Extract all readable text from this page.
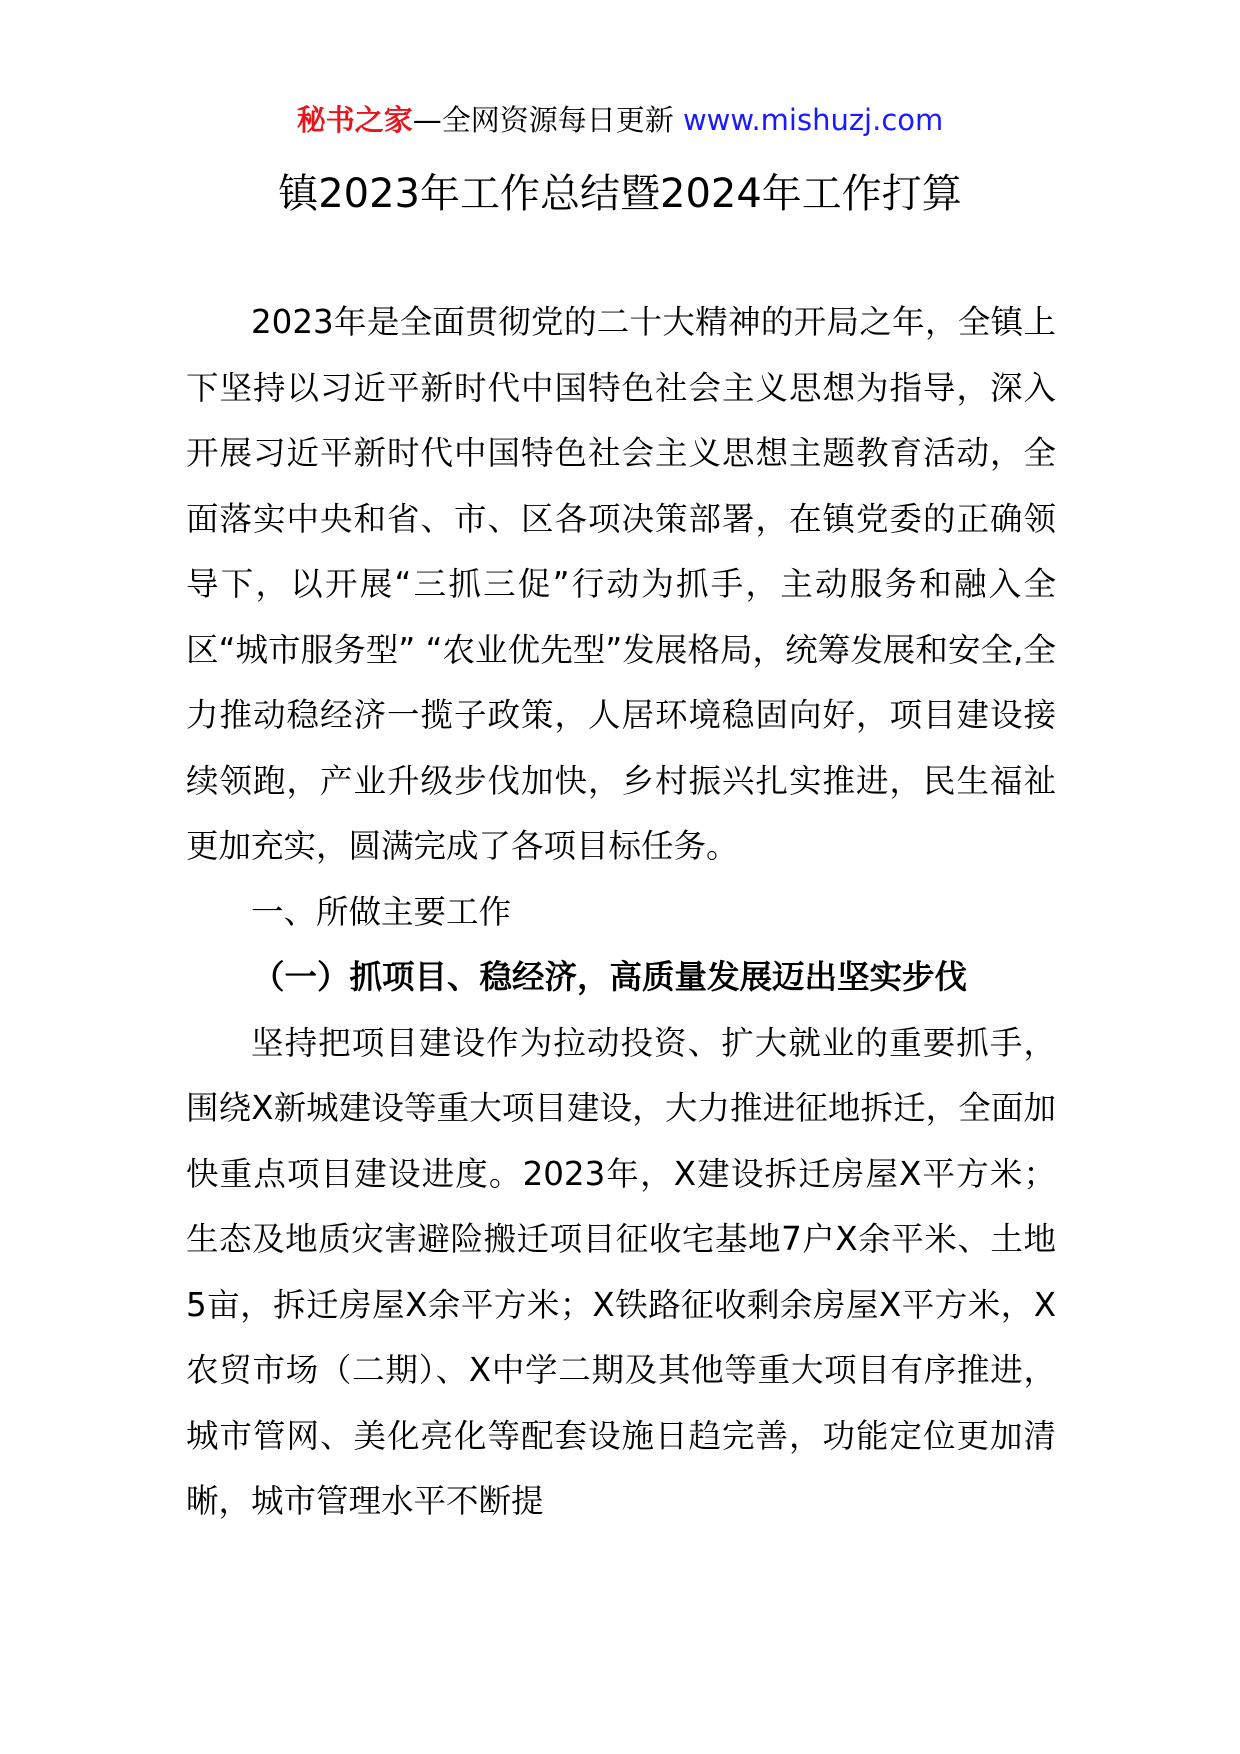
秘书之家—全网资源每日更新 www.mishuzj.com
镇2023年工作总结暨2024年工作打算

2023年是全面贯彻党的二十大精神的开局之年，全镇上下坚持以习近平新时代中国特色社会主义思想为指导，深入开展习近平新时代中国特色社会主义思想主题教育活动，全面落实中央和省、市、区各项决策部署，在镇党委的正确领导下，以开展“三抓三促”行动为抓手，主动服务和融入全区“城市服务型” “农业优先型”发展格局，统筹发展和安全,全力推动稳经济一揽子政策，人居环境稳固向好，项目建设接续领跑，产业升级步伐加快，乡村振兴扎实推进，民生福祉更加充实，圆满完成了各项目标任务。

一、所做主要工作

（一）抓项目、稳经济，高质量发展迈出坚实步伐

坚持把项目建设作为拉动投资、扩大就业的重要抓手，围绕X新城建设等重大项目建设，大力推进征地拆迁，全面加快重点项目建设进度。2023年，X建设拆迁房屋X平方米；生态及地质灾害避险搬迁项目征收宅基地7户X余平米、土地5亩，拆迁房屋X余平方米；X铁路征收剩余房屋X平方米，X农贸市场（二期）、X中学二期及其他等重大项目有序推进，城市管网、美化亮化等配套设施日趋完善，功能定位更加清晰，城市管理水平不断提
